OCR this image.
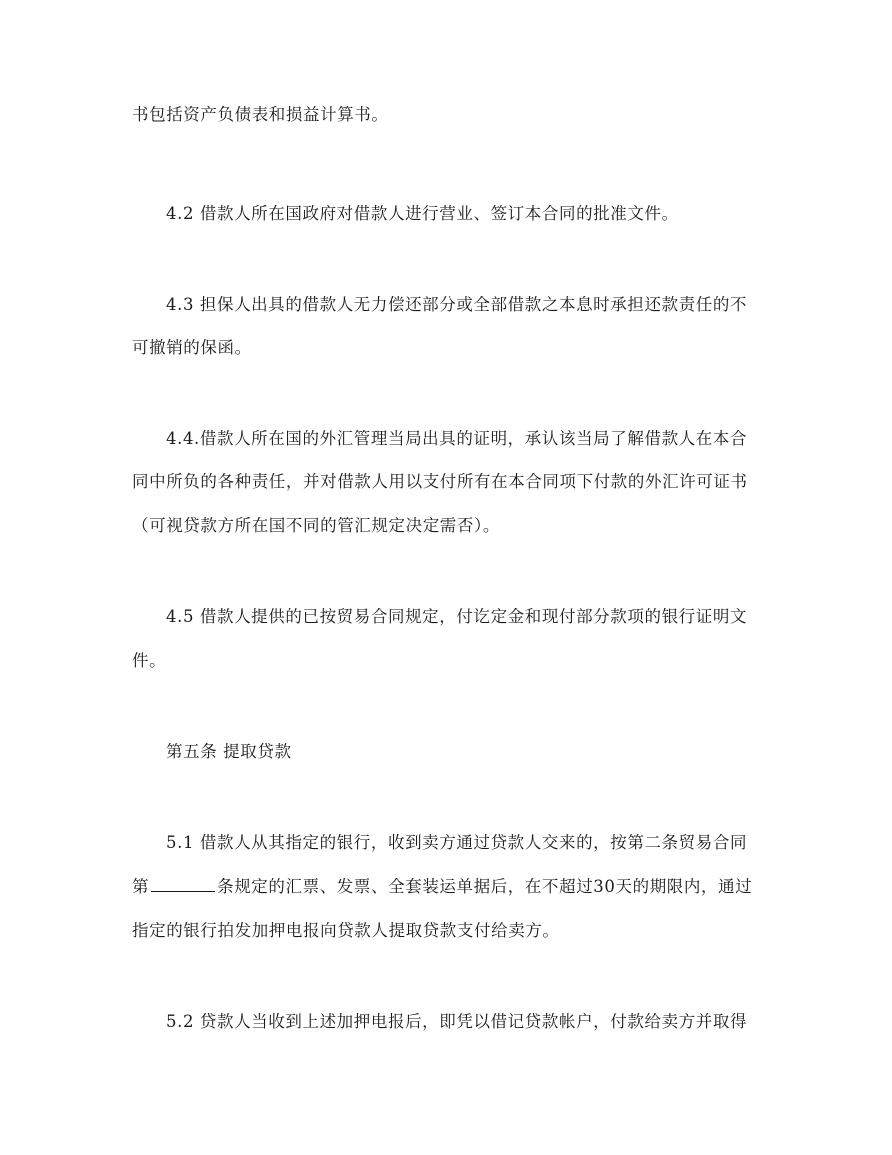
书包括资产负债表和损益计算书。
4.2 借款人所在国政府对借款人进行营业、签订本合同的批准文件。
4.3 担保人出具的借款人无力偿还部分或全部借款之本息时承担还款责任的不
可撤销的保函。
4.4.借款人所在国的外汇管理当局出具的证明，承认该当局了解借款人在本合
同中所负的各种责任，并对借款人用以支付所有在本合同项下付款的外汇许可证书
（可视贷款方所在国不同的管汇规定决定需否）。
4.5 借款人提供的已按贸易合同规定，付讫定金和现付部分款项的银行证明文
件。
第五条 提取贷款
5.1 借款人从其指定的银行，收到卖方通过贷款人交来的，按第二条贸易合同
第	条规定的汇票、发票、全套装运单据后，在不超过30天的期限内，通过
指定的银行拍发加押电报向贷款人提取贷款支付给卖方。
5.2 贷款人当收到上述加押电报后，即凭以借记贷款帐户，付款给卖方并取得
